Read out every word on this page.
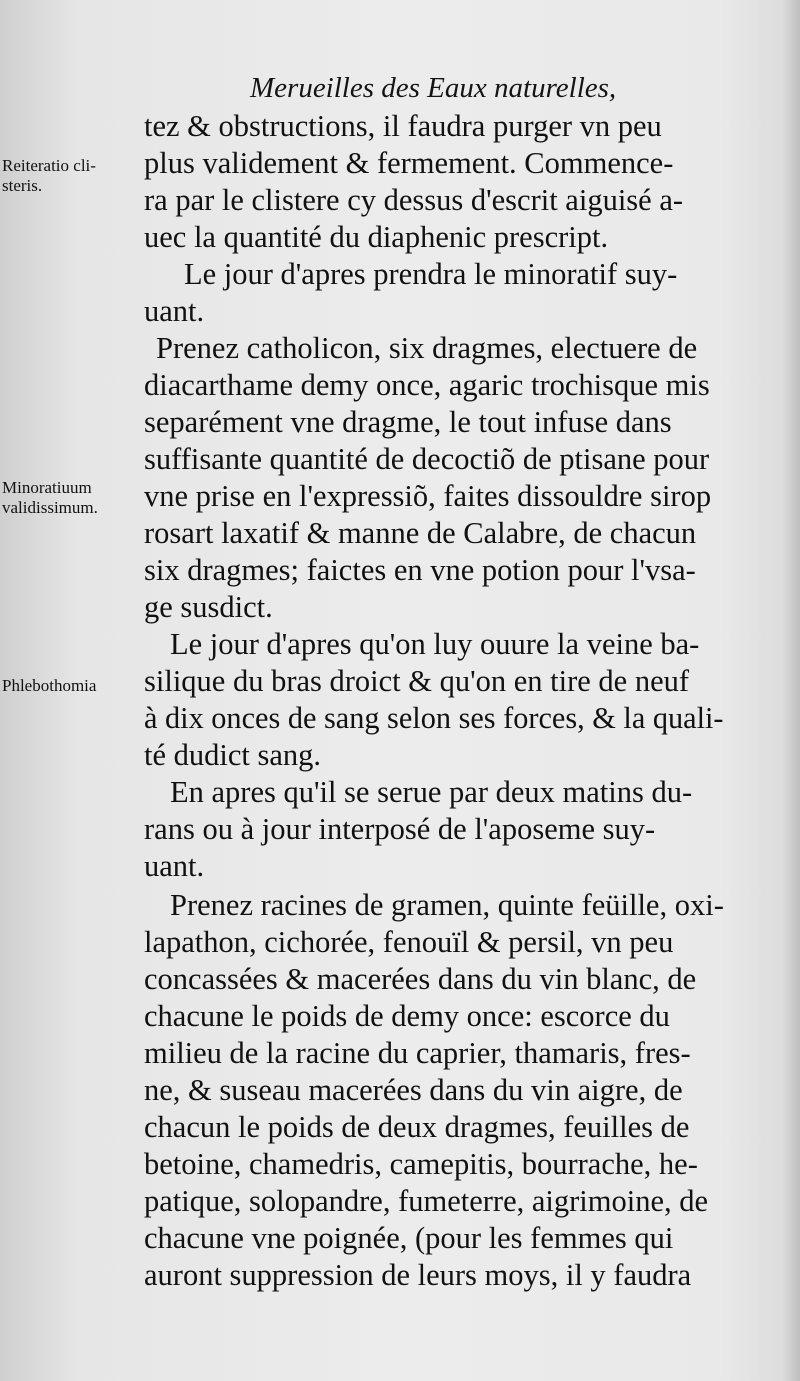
Merueilles des Eaux naturelles,
Reiteratio cli-
steris.
Minoratiuum
validissimum.
Phlebothomia
tez & obstructions, il faudra purger vn peu
plus validement & fermement. Commence-
ra par le clistere cy dessus d'escrit aiguisé a-
uec la quantité du diaphenic prescript.
Le jour d'apres prendra le minoratif suy-
uant.
Prenez catholicon, six dragmes, electuere de
diacarthame demy once, agaric trochisque mis
separément vne dragme, le tout infuse dans
suffisante quantité de decoctiõ de ptisane pour
vne prise en l'expressiõ, faites dissouldre sirop
rosart laxatif & manne de Calabre, de chacun
six dragmes; faictes en vne potion pour l'vsa-
ge susdict.
Le jour d'apres qu'on luy ouure la veine ba-
silique du bras droict & qu'on en tire de neuf
à dix onces de sang selon ses forces, & la quali-
té dudict sang.
En apres qu'il se serue par deux matins du-
rans ou à jour interposé de l'aposeme suy-
uant.
Prenez racines de gramen, quinte feüille, oxi-
lapathon, cichorée, fenouïl & persil, vn peu
concassées & macerées dans du vin blanc, de
chacune le poids de demy once: escorce du
milieu de la racine du caprier, thamaris, fres-
ne, & suseau macerées dans du vin aigre, de
chacun le poids de deux dragmes, feuilles de
betoine, chamedris, camepitis, bourrache, he-
patique, solopandre, fumeterre, aigrimoine, de
chacune vne poignée, (pour les femmes qui
auront suppression de leurs moys, il y faudra
